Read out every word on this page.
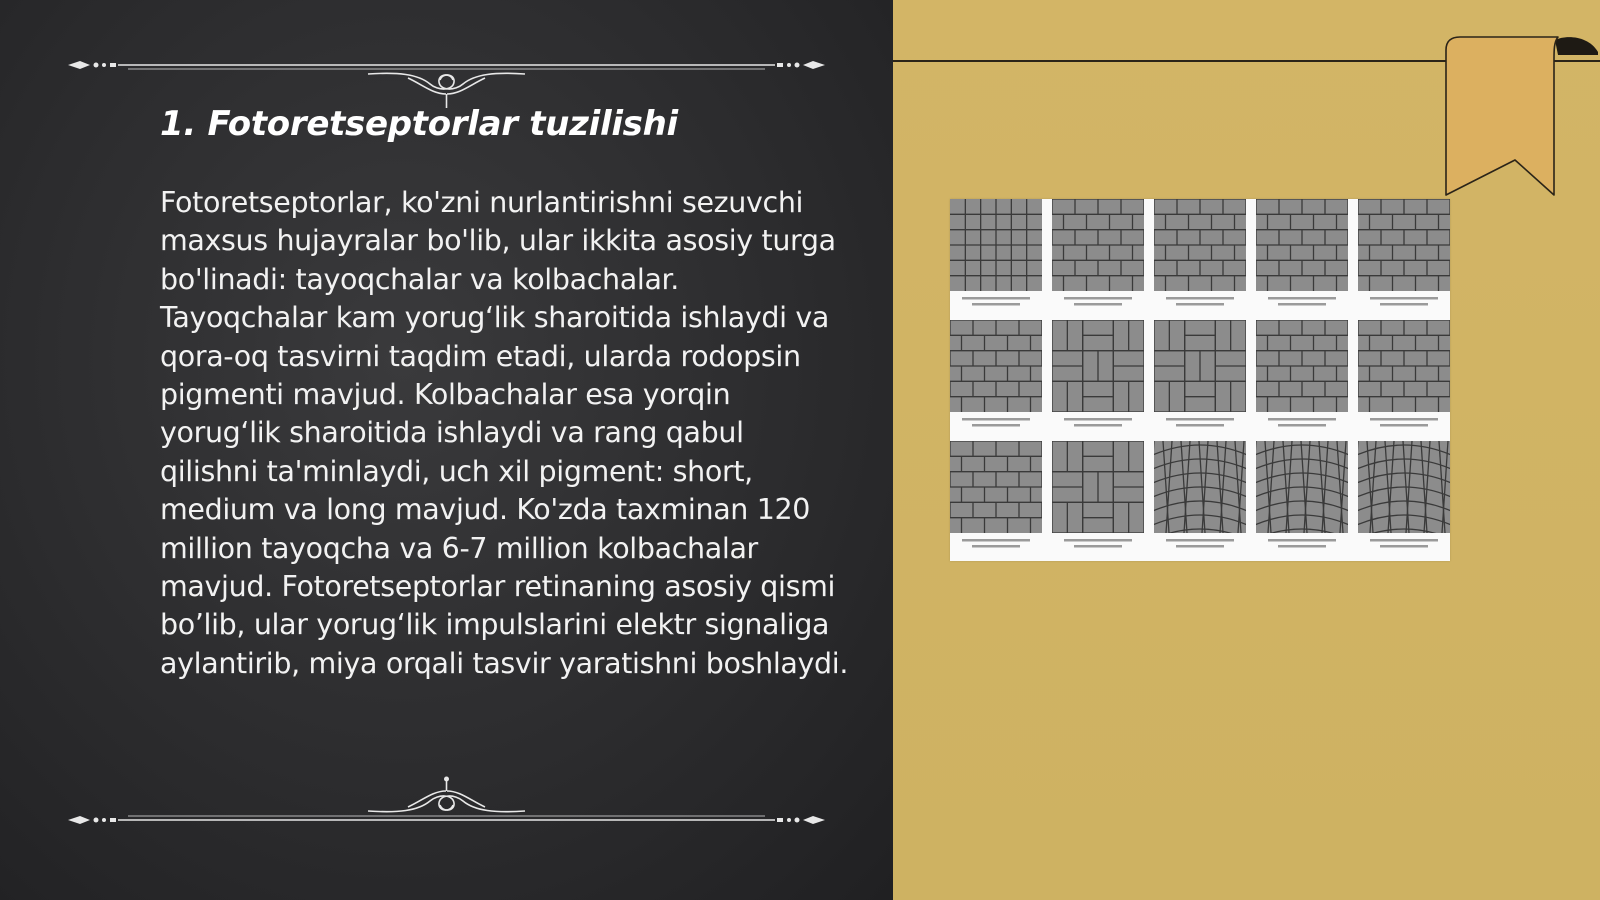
1. Fotoretseptorlar tuzilishi

Fotoretseptorlar, ko'zni nurlantirishni sezuvchi maxsus hujayralar bo'lib, ular ikkita asosiy turga bo'linadi: tayoqchalar va kolbachalar. Tayoqchalar kam yorug‘lik sharoitida ishlaydi va qora-oq tasvirni taqdim etadi, ularda rodopsin pigmenti mavjud. Kolbachalar esa yorqin yorug‘lik sharoitida ishlaydi va rang qabul qilishni ta'minlaydi, uch xil pigment: short, medium va long mavjud. Ko'zda taxminan 120 million tayoqcha va 6-7 million kolbachalar mavjud. Fotoretseptorlar retinaning asosiy qismi bo’lib, ular yorug‘lik impulslarini elektr signaliga aylantirib, miya orqali tasvir yaratishni boshlaydi.
